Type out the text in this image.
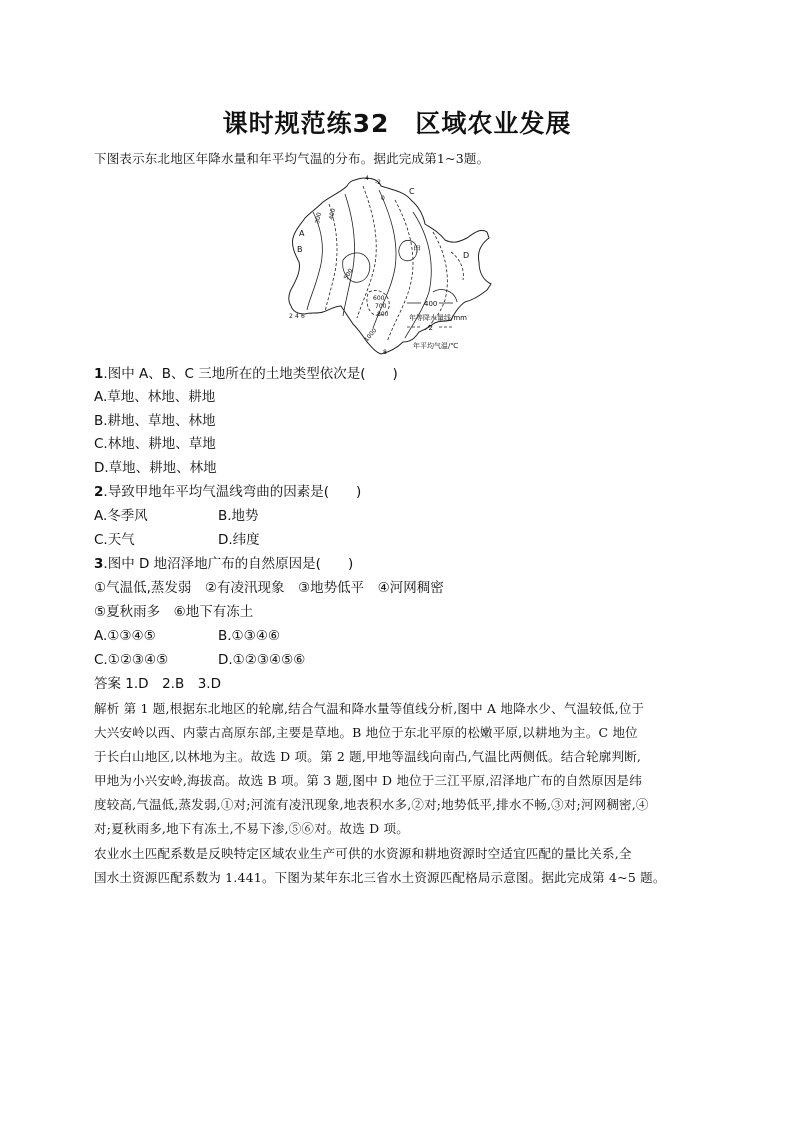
课时规范练32　区域农业发展
下图表示东北地区年降水量和年平均气温的分布。据此完成第1~3题。
A
B
C
D
甲
-4
-2
0
2 4 6
8
300 400
500
600
700
800
1000
400
年等降水量线/mm
-2
年平均气温/℃
1.图中 A、B、C 三地所在的土地类型依次是(　　)
A.草地、林地、耕地
B.耕地、草地、林地
C.林地、耕地、草地
D.草地、耕地、林地
2.导致甲地年平均气温线弯曲的因素是(　　)
A.冬季风	B.地势
C.天气	D.纬度
3.图中 D 地沼泽地广布的自然原因是(　　)
①气温低,蒸发弱　②有凌汛现象　③地势低平　④河网稠密
⑤夏秋雨多　⑥地下有冻土
A.①③④⑤	B.①③④⑥
C.①②③④⑤	D.①②③④⑤⑥
答案 1.D　2.B　3.D
解析 第 1 题,根据东北地区的轮廓,结合气温和降水量等值线分析,图中 A 地降水少、气温较低,位于
大兴安岭以西、内蒙古高原东部,主要是草地。B 地位于东北平原的松嫩平原,以耕地为主。C 地位
于长白山地区,以林地为主。故选 D 项。第 2 题,甲地等温线向南凸,气温比两侧低。结合轮廓判断,
甲地为小兴安岭,海拔高。故选 B 项。第 3 题,图中 D 地位于三江平原,沼泽地广布的自然原因是纬
度较高,气温低,蒸发弱,①对;河流有凌汛现象,地表积水多,②对;地势低平,排水不畅,③对;河网稠密,④
对;夏秋雨多,地下有冻土,不易下渗,⑤⑥对。故选 D 项。
农业水土匹配系数是反映特定区域农业生产可供的水资源和耕地资源时空适宜匹配的量比关系,全
国水土资源匹配系数为 1.441。下图为某年东北三省水土资源匹配格局示意图。据此完成第 4~5 题。
